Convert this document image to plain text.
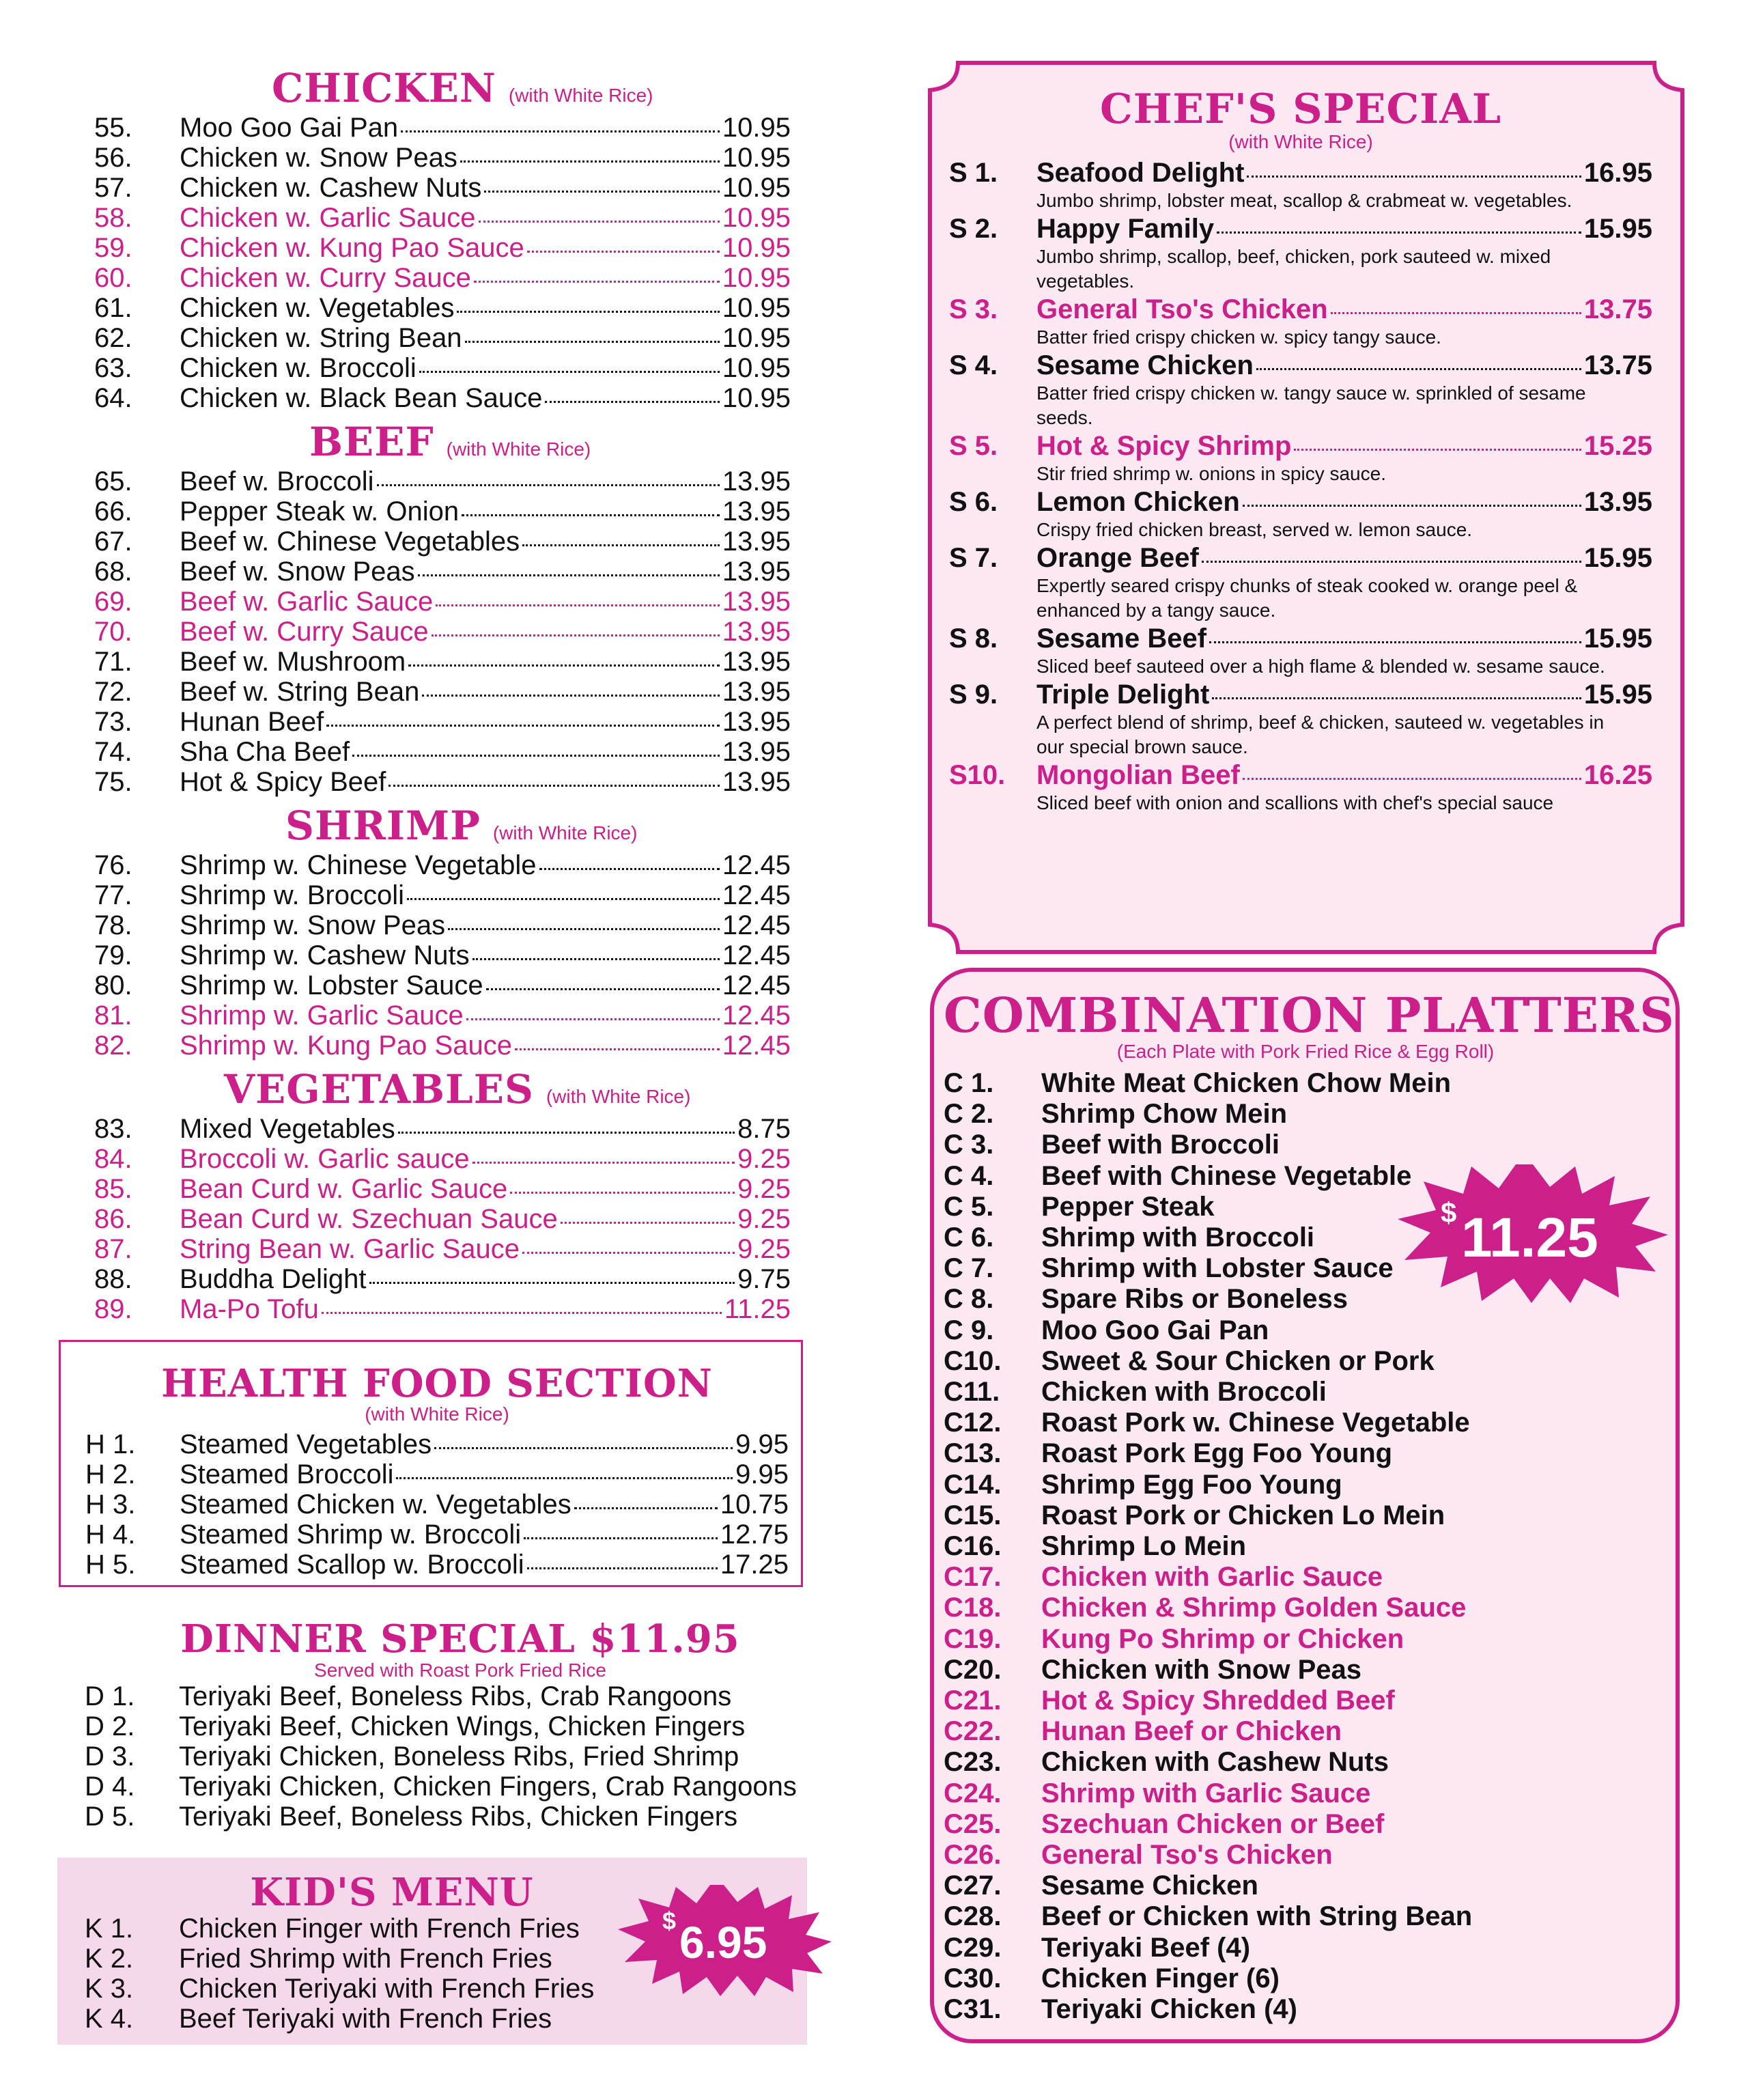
CHICKEN (with White Rice)
55.	Moo Goo Gai Pan	10.95
56.	Chicken w. Snow Peas	10.95
57.	Chicken w. Cashew Nuts	10.95
58.	Chicken w. Garlic Sauce	10.95
59.	Chicken w. Kung Pao Sauce	10.95
60.	Chicken w. Curry Sauce	10.95
61.	Chicken w. Vegetables	10.95
62.	Chicken w. String Bean	10.95
63.	Chicken w. Broccoli	10.95
64.	Chicken w. Black Bean Sauce	10.95
BEEF (with White Rice)
65.	Beef w. Broccoli	13.95
66.	Pepper Steak w. Onion	13.95
67.	Beef w. Chinese Vegetables	13.95
68.	Beef w. Snow Peas	13.95
69.	Beef w. Garlic Sauce	13.95
70.	Beef w. Curry Sauce	13.95
71.	Beef w. Mushroom	13.95
72.	Beef w. String Bean	13.95
73.	Hunan Beef	13.95
74.	Sha Cha Beef	13.95
75.	Hot & Spicy Beef	13.95
SHRIMP (with White Rice)
76.	Shrimp w. Chinese Vegetable	12.45
77.	Shrimp w. Broccoli	12.45
78.	Shrimp w. Snow Peas	12.45
79.	Shrimp w. Cashew Nuts	12.45
80.	Shrimp w. Lobster Sauce	12.45
81.	Shrimp w. Garlic Sauce	12.45
82.	Shrimp w. Kung Pao Sauce	12.45
VEGETABLES (with White Rice)
83.	Mixed Vegetables	8.75
84.	Broccoli w. Garlic sauce	9.25
85.	Bean Curd w. Garlic Sauce	9.25
86.	Bean Curd w. Szechuan Sauce	9.25
87.	String Bean w. Garlic Sauce	9.25
88.	Buddha Delight	9.75
89.	Ma-Po Tofu	11.25
HEALTH FOOD SECTION
(with White Rice)
H 1.	Steamed Vegetables	9.95
H 2.	Steamed Broccoli	9.95
H 3.	Steamed Chicken w. Vegetables	10.75
H 4.	Steamed Shrimp w. Broccoli	12.75
H 5.	Steamed Scallop w. Broccoli	17.25
DINNER SPECIAL $11.95
Served with Roast Pork Fried Rice
D 1.	Teriyaki Beef, Boneless Ribs, Crab Rangoons
D 2.	Teriyaki Beef, Chicken Wings, Chicken Fingers
D 3.	Teriyaki Chicken, Boneless Ribs, Fried Shrimp
D 4.	Teriyaki Chicken, Chicken Fingers, Crab Rangoons
D 5.	Teriyaki Beef, Boneless Ribs, Chicken Fingers
KID'S MENU
K 1.	Chicken Finger with French Fries
K 2.	Fried Shrimp with French Fries
K 3.	Chicken Teriyaki with French Fries
K 4.	Beef Teriyaki with French Fries
$ 6.95
CHEF'S SPECIAL
(with White Rice)
S 1.	Seafood Delight	16.95
Jumbo shrimp, lobster meat, scallop & crabmeat w. vegetables.
S 2.	Happy Family	15.95
Jumbo shrimp, scallop, beef, chicken, pork sauteed w. mixed vegetables.
S 3.	General Tso's Chicken	13.75
Batter fried crispy chicken w. spicy tangy sauce.
S 4.	Sesame Chicken	13.75
Batter fried crispy chicken w. tangy sauce w. sprinkled of sesame seeds.
S 5.	Hot & Spicy Shrimp	15.25
Stir fried shrimp w. onions in spicy sauce.
S 6.	Lemon Chicken	13.95
Crispy fried chicken breast, served w. lemon sauce.
S 7.	Orange Beef	15.95
Expertly seared crispy chunks of steak cooked w. orange peel & enhanced by a tangy sauce.
S 8.	Sesame Beef	15.95
Sliced beef sauteed over a high flame & blended w. sesame sauce.
S 9.	Triple Delight	15.95
A perfect blend of shrimp, beef & chicken, sauteed w. vegetables in our special brown sauce.
S10.	Mongolian Beef	16.25
Sliced beef with onion and scallions with chef's special sauce
COMBINATION PLATTERS
(Each Plate with Pork Fried Rice & Egg Roll)
C 1. White Meat Chicken Chow Mein
C 2. Shrimp Chow Mein
C 3. Beef with Broccoli
C 4. Beef with Chinese Vegetable
C 5. Pepper Steak
C 6. Shrimp with Broccoli
C 7. Shrimp with Lobster Sauce
C 8. Spare Ribs or Boneless
C 9. Moo Goo Gai Pan
C10. Sweet & Sour Chicken or Pork
C11. Chicken with Broccoli
C12. Roast Pork w. Chinese Vegetable
C13. Roast Pork Egg Foo Young
C14. Shrimp Egg Foo Young
C15. Roast Pork or Chicken Lo Mein
C16. Shrimp Lo Mein
C17. Chicken with Garlic Sauce
C18. Chicken & Shrimp Golden Sauce
C19. Kung Po Shrimp or Chicken
C20. Chicken with Snow Peas
C21. Hot & Spicy Shredded Beef
C22. Hunan Beef or Chicken
C23. Chicken with Cashew Nuts
C24. Shrimp with Garlic Sauce
C25. Szechuan Chicken or Beef
C26. General Tso's Chicken
C27. Sesame Chicken
C28. Beef or Chicken with String Bean
C29. Teriyaki Beef (4)
C30. Chicken Finger (6)
C31. Teriyaki Chicken (4)
$ 11.25
